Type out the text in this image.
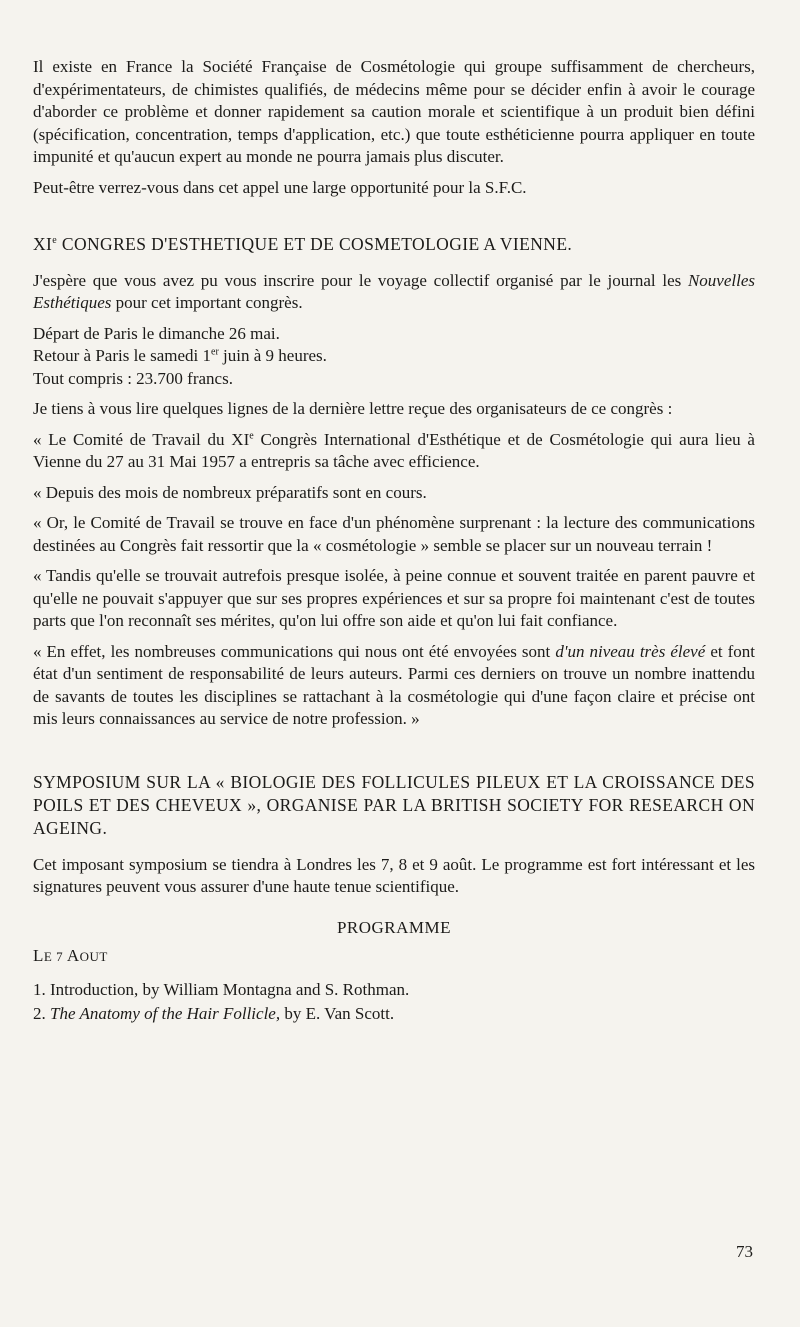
Il existe en France la Société Française de Cosmétologie qui groupe suffisamment de chercheurs, d'expérimentateurs, de chimistes qualifiés, de médecins même pour se décider enfin à avoir le courage d'aborder ce problème et donner rapidement sa caution morale et scientifique à un produit bien défini (spécification, concentration, temps d'application, etc.) que toute esthéticienne pourra appliquer en toute impunité et qu'aucun expert au monde ne pourra jamais plus discuter.

Peut-être verrez-vous dans cet appel une large opportunité pour la S.F.C.

XIe CONGRES D'ESTHETIQUE ET DE COSMETOLOGIE A VIENNE.

J'espère que vous avez pu vous inscrire pour le voyage collectif organisé par le journal les Nouvelles Esthétiques pour cet important congrès.

Départ de Paris le dimanche 26 mai.

Retour à Paris le samedi 1er juin à 9 heures.

Tout compris : 23.700 francs.

Je tiens à vous lire quelques lignes de la dernière lettre reçue des organisateurs de ce congrès :

« Le Comité de Travail du XIe Congrès International d'Esthétique et de Cosmétologie qui aura lieu à Vienne du 27 au 31 Mai 1957 a entrepris sa tâche avec efficience.

« Depuis des mois de nombreux préparatifs sont en cours.

« Or, le Comité de Travail se trouve en face d'un phénomène surprenant : la lecture des communications destinées au Congrès fait ressortir que la « cosmétologie » semble se placer sur un nouveau terrain !

« Tandis qu'elle se trouvait autrefois presque isolée, à peine connue et souvent traitée en parent pauvre et qu'elle ne pouvait s'appuyer que sur ses propres expériences et sur sa propre foi maintenant c'est de toutes parts que l'on reconnaît ses mérites, qu'on lui offre son aide et qu'on lui fait confiance.

« En effet, les nombreuses communications qui nous ont été envoyées sont d'un niveau très élevé et font état d'un sentiment de responsabilité de leurs auteurs. Parmi ces derniers on trouve un nombre inattendu de savants de toutes les disciplines se rattachant à la cosmétologie qui d'une façon claire et précise ont mis leurs connaissances au service de notre profession. »

SYMPOSIUM SUR LA « BIOLOGIE DES FOLLICULES PILEUX ET LA CROISSANCE DES POILS ET DES CHEVEUX », ORGANISE PAR LA BRITISH SOCIETY FOR RESEARCH ON AGEING.

Cet imposant symposium se tiendra à Londres les 7, 8 et 9 août. Le programme est fort intéressant et les signatures peuvent vous assurer d'une haute tenue scientifique.

PROGRAMME
LE 7 AOUT
1. Introduction, by William Montagna and S. Rothman.
2. The Anatomy of the Hair Follicle, by E. Van Scott.
73
